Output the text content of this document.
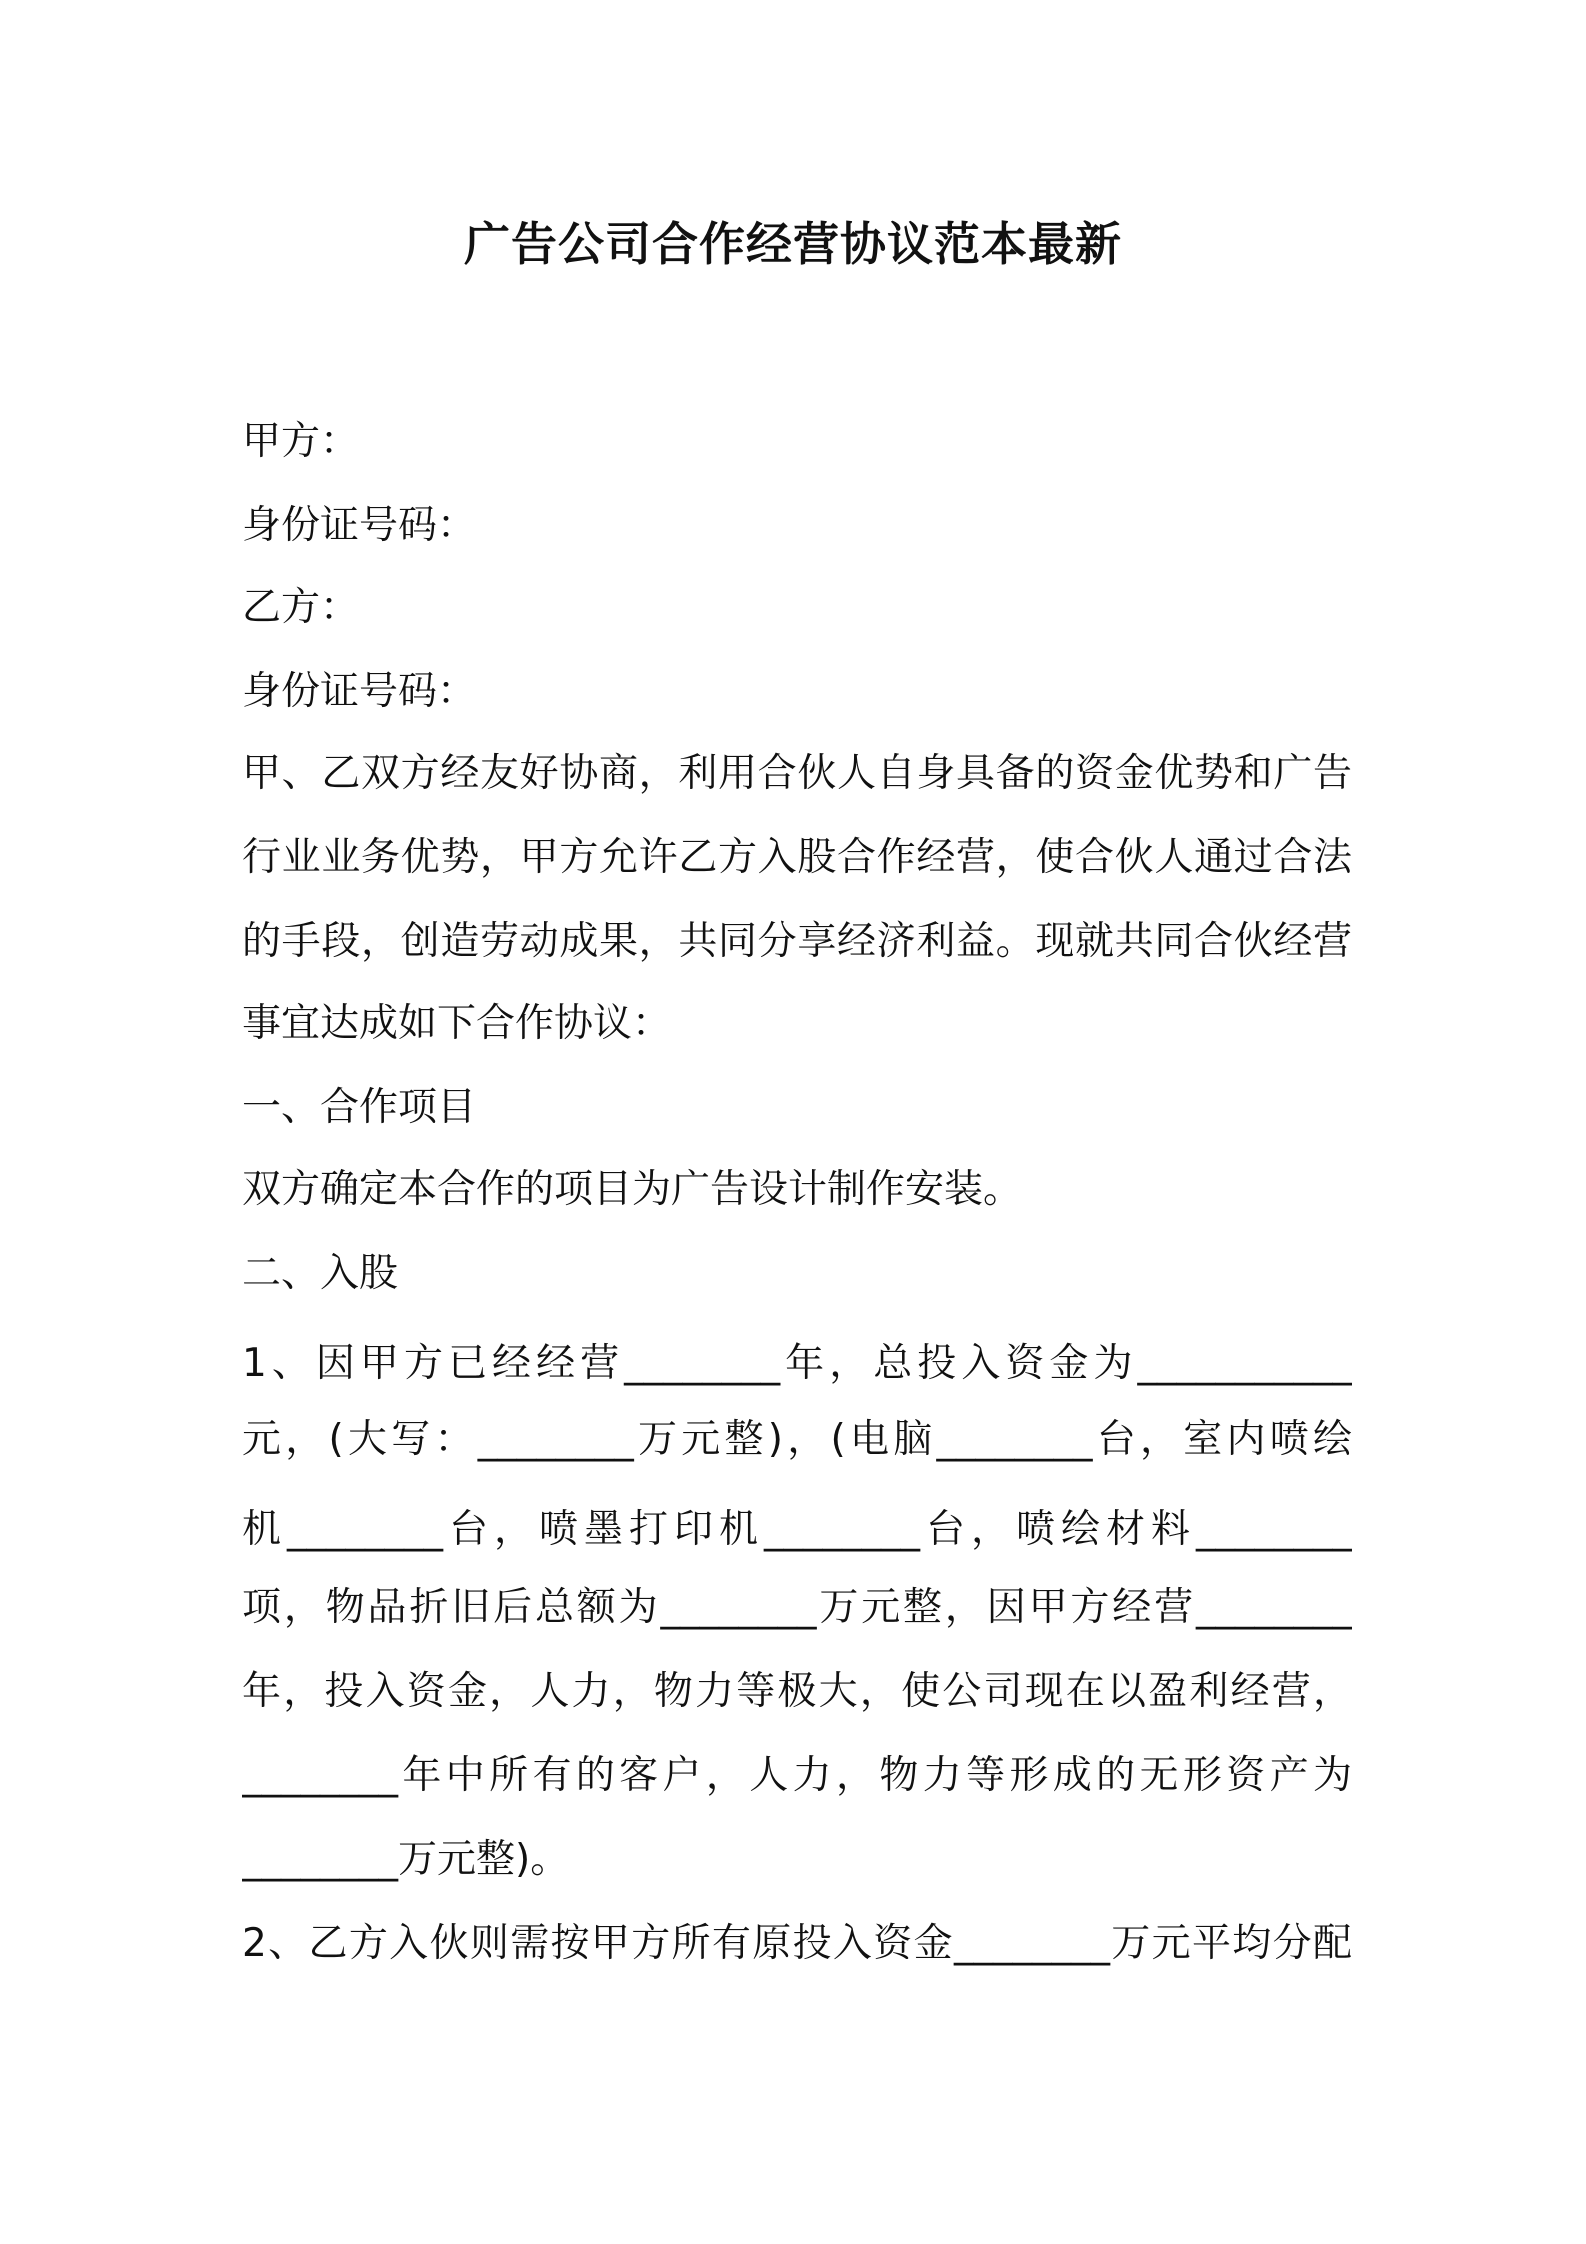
广告公司合作经营协议范本最新
甲方：
身份证号码：
乙方：
身份证号码：
甲、乙双方经友好协商，利用合伙人自身具备的资金优势和广告
行业业务优势，甲方允许乙方入股合作经营，使合伙人通过合法
的手段，创造劳动成果，共同分享经济利益。现就共同合伙经营
事宜达成如下合作协议：
一、合作项目
双方确定本合作的项目为广告设计制作安装。
二、入股
1、因甲方已经经营________年，总投入资金为___________
元，(大写：________万元整)，(电脑________台，室内喷绘
机________台，喷墨打印机________台，喷绘材料________
项，物品折旧后总额为________万元整，因甲方经营________
年，投入资金，人力，物力等极大，使公司现在以盈利经营，
________年中所有的客户，人力，物力等形成的无形资产为
________万元整)。
2、乙方入伙则需按甲方所有原投入资金________万元平均分配
